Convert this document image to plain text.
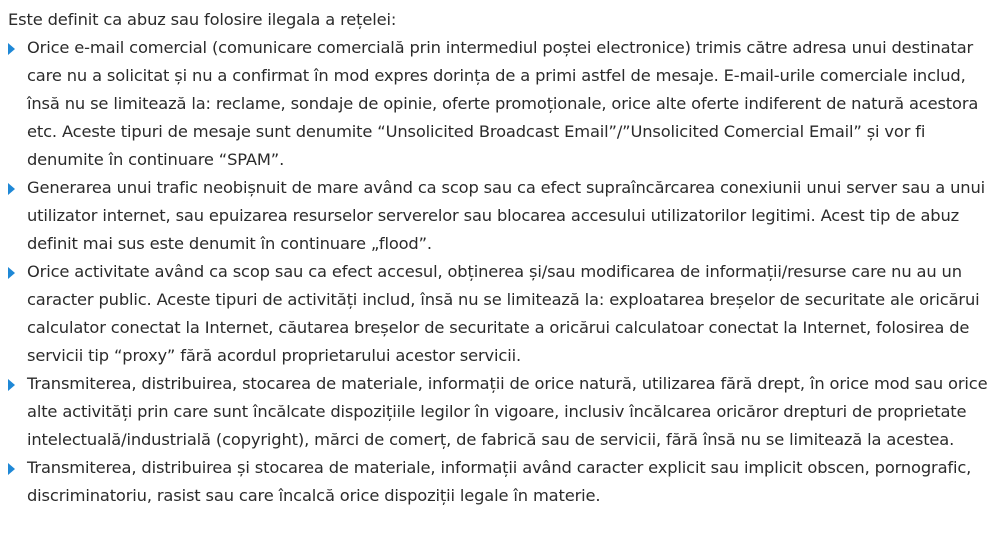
Este definit ca abuz sau folosire ilegala a rețelei:

Orice e-mail comercial (comunicare comercială prin intermediul poștei electronice) trimis către adresa unui destinatar care nu a solicitat și nu a confirmat în mod expres dorința de a primi astfel de mesaje. E-mail-urile comerciale includ, însă nu se limitează la: reclame, sondaje de opinie, oferte promoționale, orice alte oferte indiferent de natură acestora etc. Aceste tipuri de mesaje sunt denumite “Unsolicited Broadcast Email”/”Unsolicited Comercial Email” și vor fi denumite în continuare “SPAM”.
Generarea unui trafic neobișnuit de mare având ca scop sau ca efect supraîncărcarea conexiunii unui server sau a unui utilizator internet, sau epuizarea resurselor serverelor sau blocarea accesului utilizatorilor legitimi. Acest tip de abuz definit mai sus este denumit în continuare „flood”.
Orice activitate având ca scop sau ca efect accesul, obținerea și/sau modificarea de informații/resurse care nu au un caracter public. Aceste tipuri de activități includ, însă nu se limitează la: exploatarea breșelor de securitate ale oricărui calculator conectat la Internet, căutarea breșelor de securitate a oricărui calculatoar conectat la Internet, folosirea de servicii tip “proxy” fără acordul proprietarului acestor servicii.
Transmiterea, distribuirea, stocarea de materiale, informații de orice natură, utilizarea fără drept, în orice mod sau orice alte activități prin care sunt încălcate dispozițiile legilor în vigoare, inclusiv încălcarea oricăror drepturi de proprietate intelectuală/industrială (copyright), mărci de comerț, de fabrică sau de servicii, fără însă nu se limitează la acestea.
Transmiterea, distribuirea și stocarea de materiale, informații având caracter explicit sau implicit obscen, pornografic, discriminatoriu, rasist sau care încalcă orice dispoziții legale în materie.
